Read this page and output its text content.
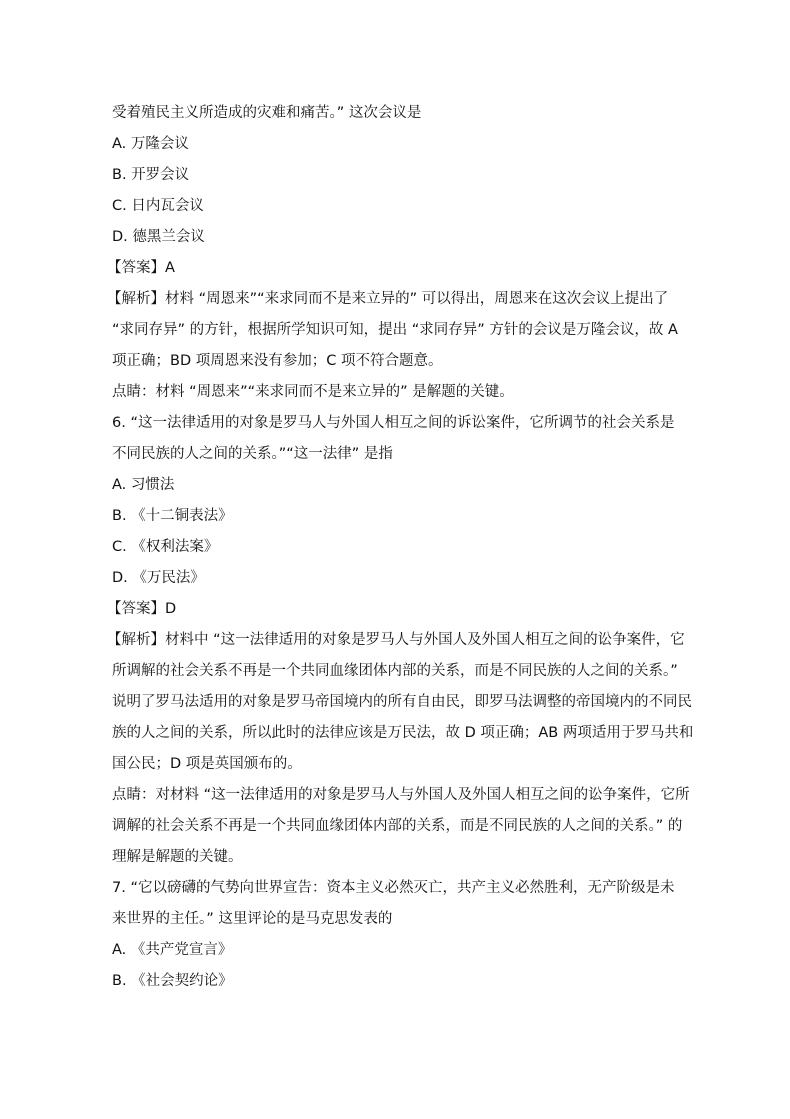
受着殖民主义所造成的灾难和痛苦。” 这次会议是
A. 万隆会议
B. 开罗会议
C. 日内瓦会议
D. 德黑兰会议
【答案】A
【解析】材料 “周恩来”“来求同而不是来立异的” 可以得出，周恩来在这次会议上提出了
“求同存异” 的方针，根据所学知识可知，提出 “求同存异” 方针的会议是万隆会议，故 A
项正确；BD 项周恩来没有参加；C 项不符合题意。
点睛：材料 “周恩来”“来求同而不是来立异的” 是解题的关键。
6. “这一法律适用的对象是罗马人与外国人相互之间的诉讼案件，它所调节的社会关系是
不同民族的人之间的关系。”“这一法律” 是指
A. 习惯法
B. 《十二铜表法》
C. 《权利法案》
D. 《万民法》
【答案】D
【解析】材料中 “这一法律适用的对象是罗马人与外国人及外国人相互之间的讼争案件，它
所调解的社会关系不再是一个共同血缘团体内部的关系，而是不同民族的人之间的关系。”
说明了罗马法适用的对象是罗马帝国境内的所有自由民，即罗马法调整的帝国境内的不同民
族的人之间的关系，所以此时的法律应该是万民法，故 D 项正确；AB 两项适用于罗马共和
国公民；D 项是英国颁布的。
点睛：对材料 “这一法律适用的对象是罗马人与外国人及外国人相互之间的讼争案件，它所
调解的社会关系不再是一个共同血缘团体内部的关系，而是不同民族的人之间的关系。” 的
理解是解题的关键。
7. “它以磅礴的气势向世界宣告：资本主义必然灭亡，共产主义必然胜利，无产阶级是未
来世界的主任。” 这里评论的是马克思发表的
A. 《共产党宣言》
B. 《社会契约论》
